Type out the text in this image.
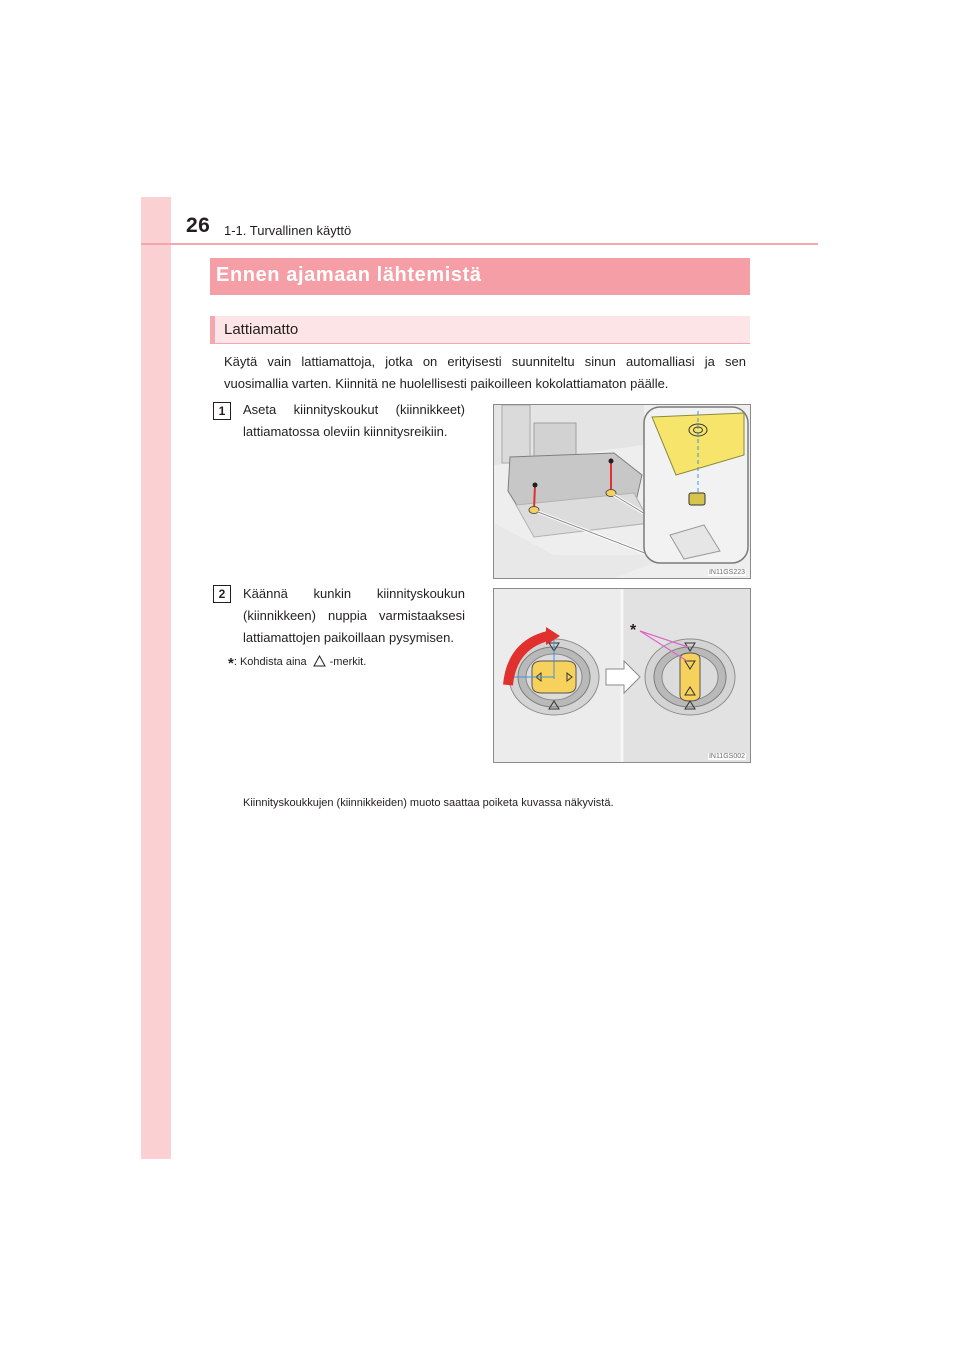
26 1-1. Turvallinen käyttö
Ennen ajamaan lähtemistä
Lattiamatto
Käytä vain lattiamattoja, jotka on erityisesti suunniteltu sinun automalliasi ja sen vuosimallia varten. Kiinnitä ne huolellisesti paikoilleen kokolattiamaton päälle.
1	Aseta kiinnityskoukut (kiinnikkeet) lattiamatossa oleviin kiinnitysreikiin.
IN11GS223
2	Käännä kunkin kiinnityskoukun (kiinnikkeen) nuppia varmistaaksesi lattiamattojen paikoillaan pysymisen.
*: Kohdista aina -merkit.
*
IN11GS002
Kiinnityskoukkujen (kiinnikkeiden) muoto saattaa poiketa kuvassa näkyvistä.
